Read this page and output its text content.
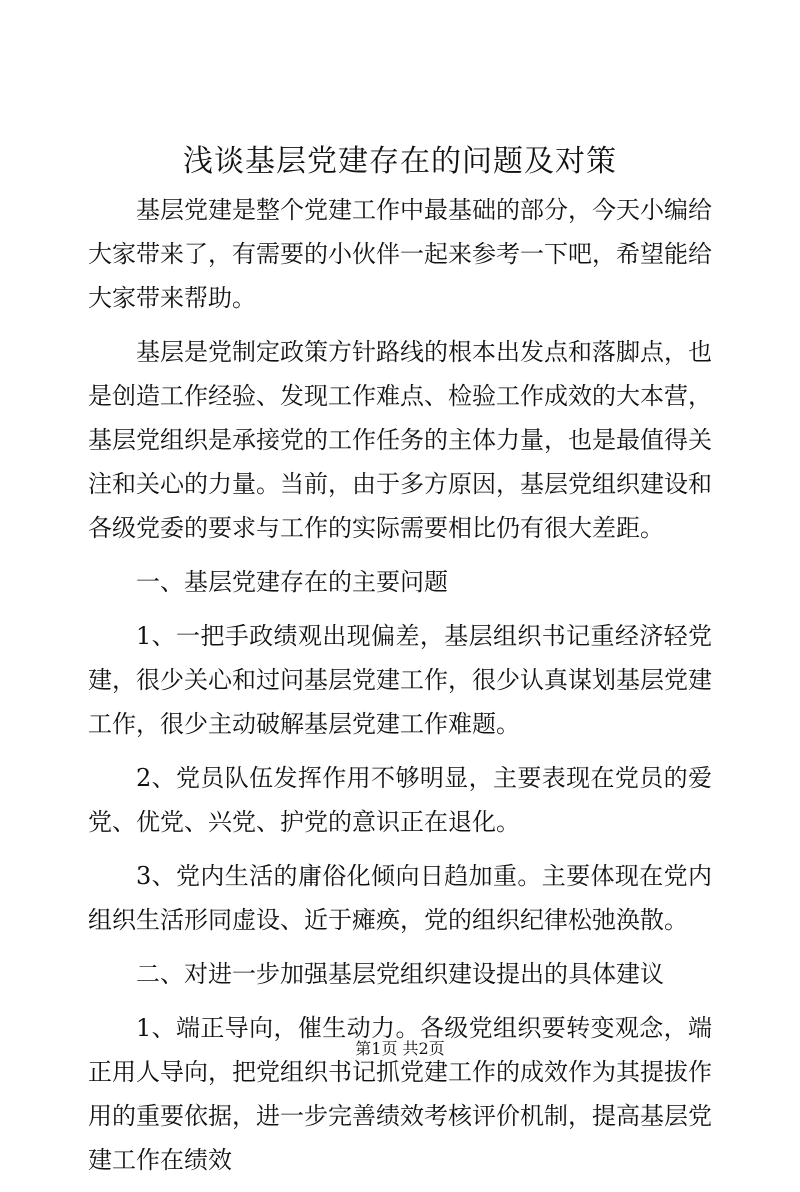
浅谈基层党建存在的问题及对策

基层党建是整个党建工作中最基础的部分，今天小编给大家带来了，有需要的小伙伴一起来参考一下吧，希望能给大家带来帮助。

基层是党制定政策方针路线的根本出发点和落脚点，也是创造工作经验、发现工作难点、检验工作成效的大本营，基层党组织是承接党的工作任务的主体力量，也是最值得关注和关心的力量。当前，由于多方原因，基层党组织建设和各级党委的要求与工作的实际需要相比仍有很大差距。

一、基层党建存在的主要问题

1、一把手政绩观出现偏差，基层组织书记重经济轻党建，很少关心和过问基层党建工作，很少认真谋划基层党建工作，很少主动破解基层党建工作难题。

2、党员队伍发挥作用不够明显，主要表现在党员的爱党、优党、兴党、护党的意识正在退化。

3、党内生活的庸俗化倾向日趋加重。主要体现在党内组织生活形同虚设、近于瘫痪，党的组织纪律松弛涣散。

二、对进一步加强基层党组织建设提出的具体建议

1、端正导向，催生动力。各级党组织要转变观念，端正用人导向，把党组织书记抓党建工作的成效作为其提拔作用的重要依据，进一步完善绩效考核评价机制，提高基层党建工作在绩效

第1页 共2页
